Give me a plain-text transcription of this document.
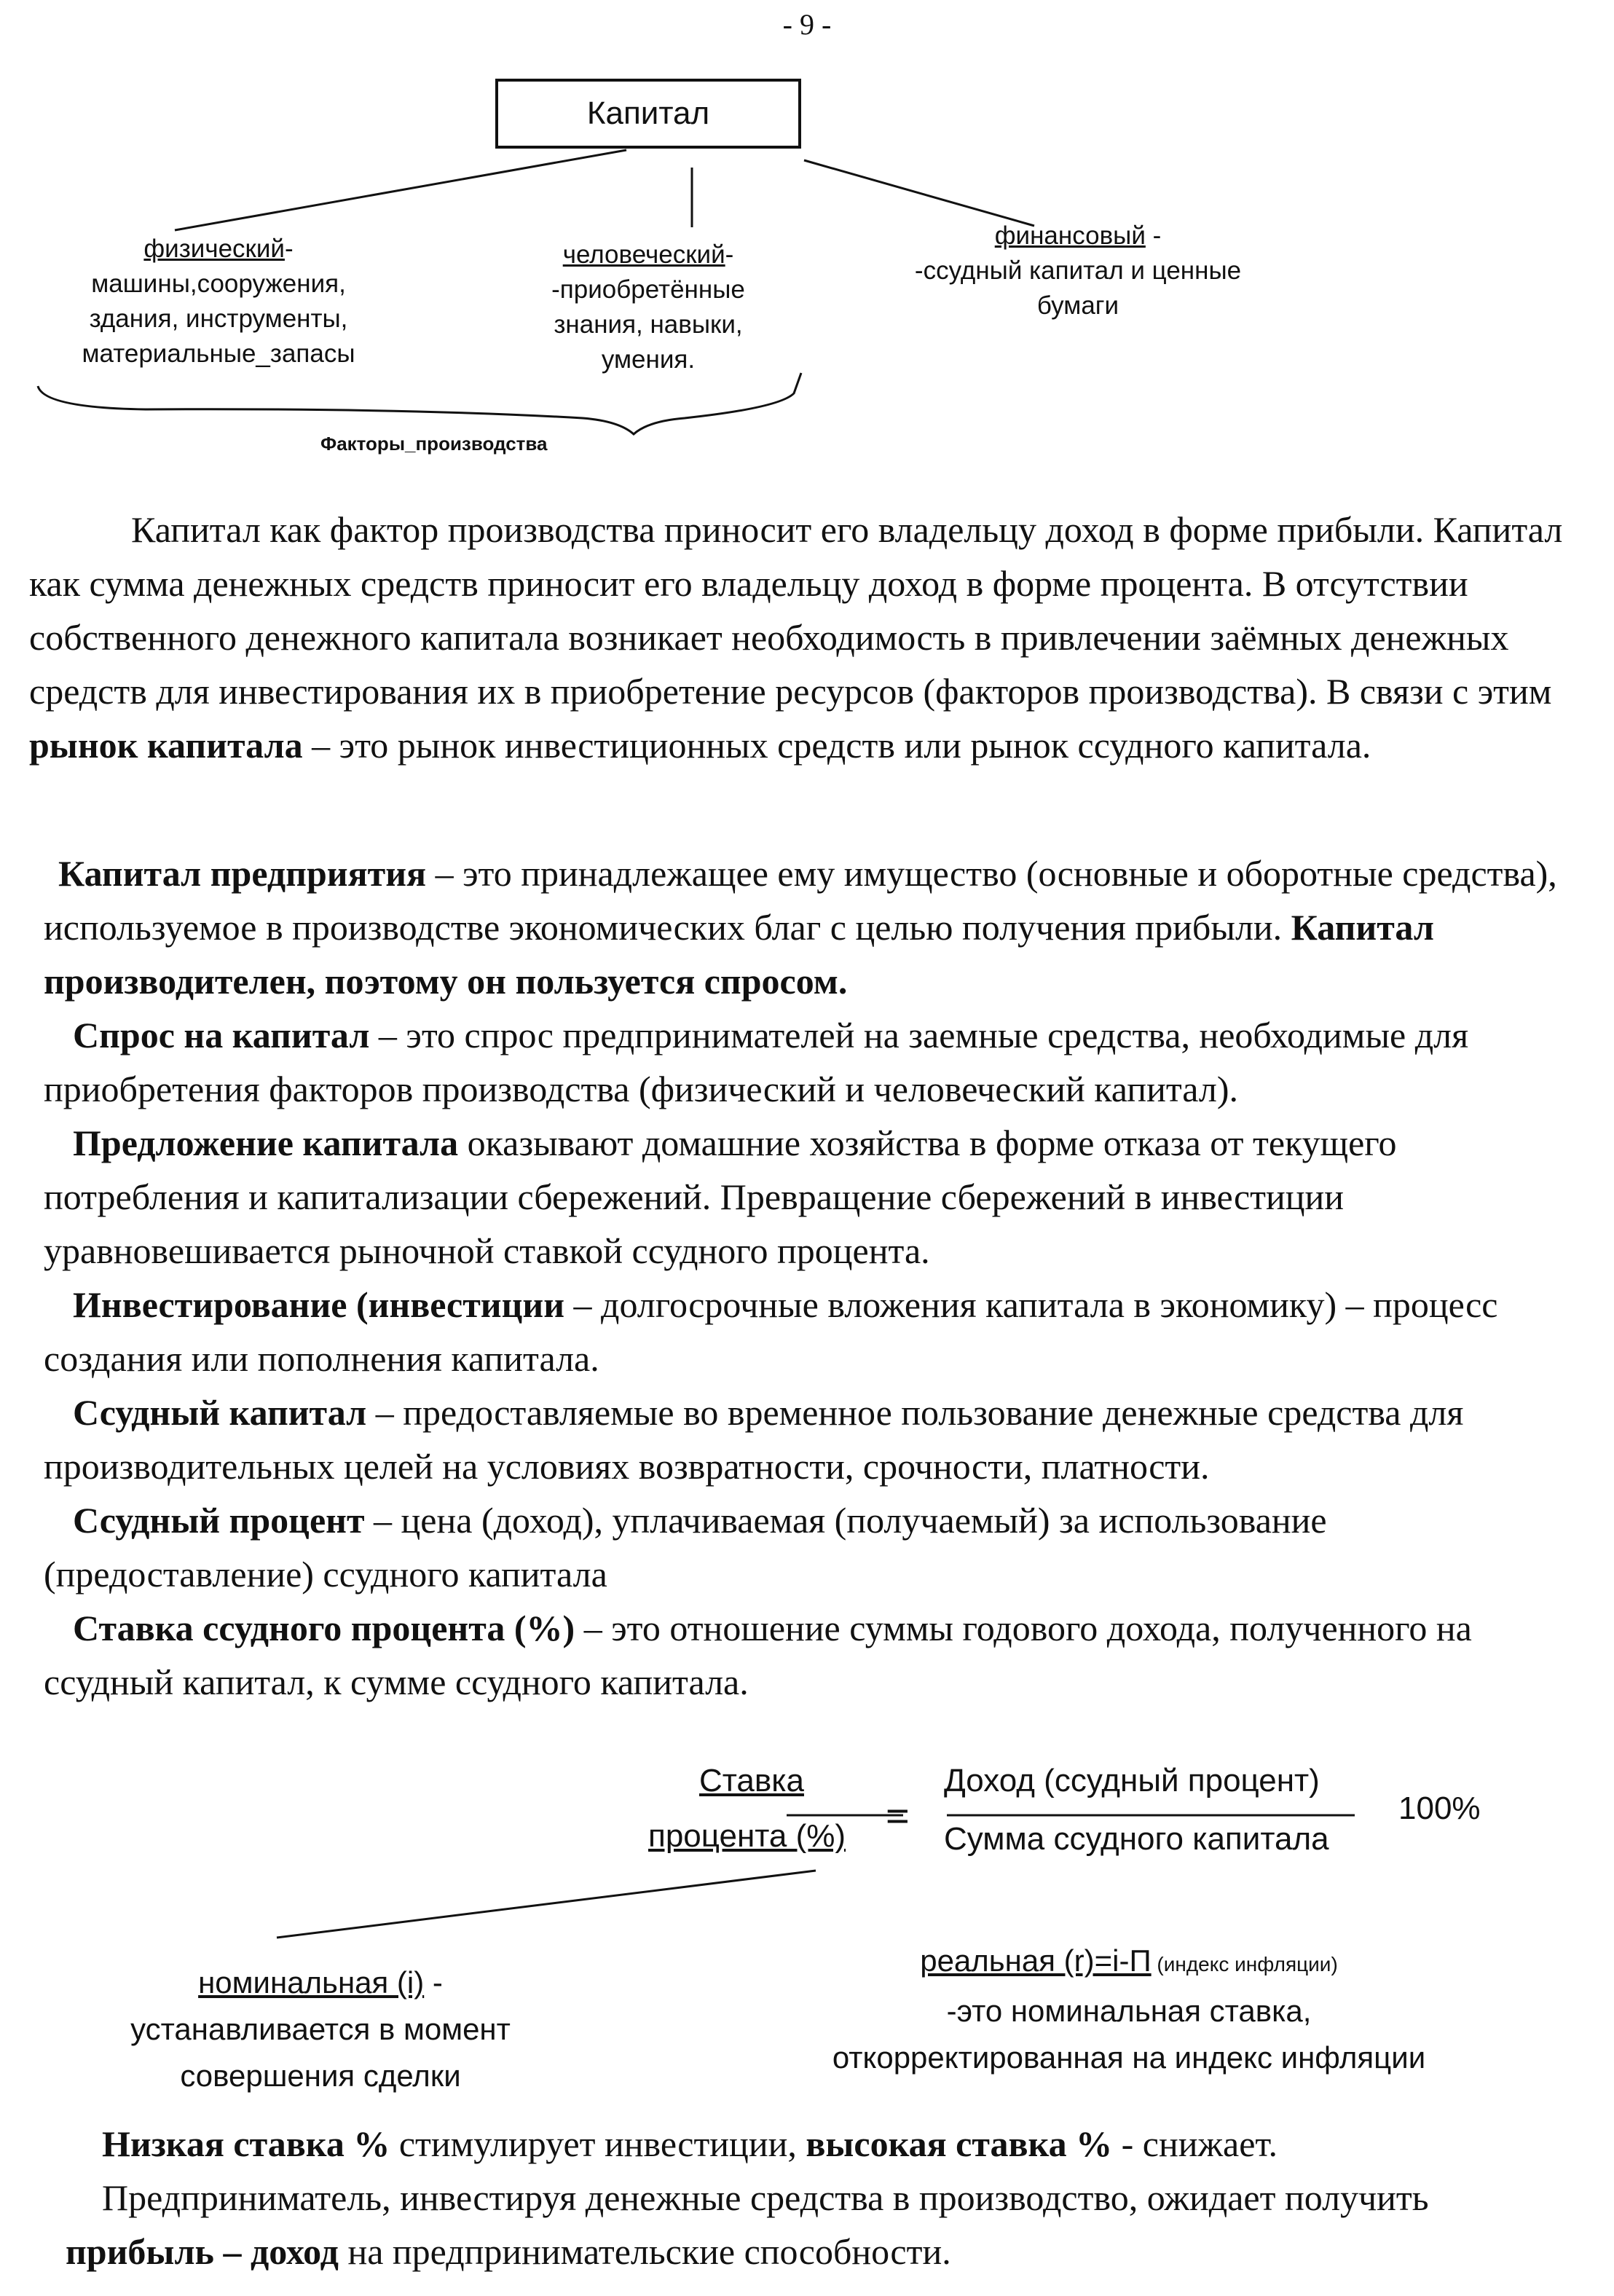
- 9 -
Капитал
физический-
машины,сооружения,
здания, инструменты,
материальные_запасы
человеческий-
-приобретённые
знания, навыки,
умения.
финансовый -
-ссудный капитал и ценные
бумаги
Факторы_производства

Капитал как фактор производства приносит его владельцу доход в форме прибыли. Капитал как сумма денежных средств приносит его владельцу доход в форме процента. В отсутствии собственного денежного капитала возникает необходимость в привлечении заёмных денежных средств для инвестирования их в приобретение ресурсов (факторов производства). В связи с этим рынок капитала – это рынок инвестиционных средств или рынок ссудного капитала.

Капитал предприятия – это принадлежащее ему имущество (основные и оборотные средства), используемое в производстве экономических благ с целью получения прибыли. Капитал производителен, поэтому он пользуется спросом.

Спрос на капитал – это спрос предпринимателей на заемные средства, необходимые для приобретения факторов производства (физический и человеческий капитал).

Предложение капитала оказывают домашние хозяйства в форме отказа от текущего потребления и капитализации сбережений. Превращение сбережений в инвестиции уравновешивается рыночной ставкой ссудного процента.

Инвестирование (инвестиции – долгосрочные вложения капитала в экономику) – процесс создания или пополнения капитала.

Ссудный капитал – предоставляемые во временное пользование денежные средства для производительных целей на условиях возвратности, срочности, платности.

Ссудный процент – цена (доход), уплачиваемая (получаемый) за использование (предоставление) ссудного капитала

Ставка ссудного процента (%) – это отношение суммы годового дохода, полученного на ссудный капитал, к сумме ссудного капитала.

Ставка
процента (%) =
Доход (ссудный процент)
Сумма ссудного капитала
100%
номинальная (i) -
устанавливается в момент
совершения сделки
реальная (r)=i-П (индекс инфляции)
-это номинальная ставка,
откорректированная на индекс инфляции

Низкая ставка % стимулирует инвестиции, высокая ставка % - снижает.

Предприниматель, инвестируя денежные средства в производство, ожидает получить прибыль – доход на предпринимательские способности.
